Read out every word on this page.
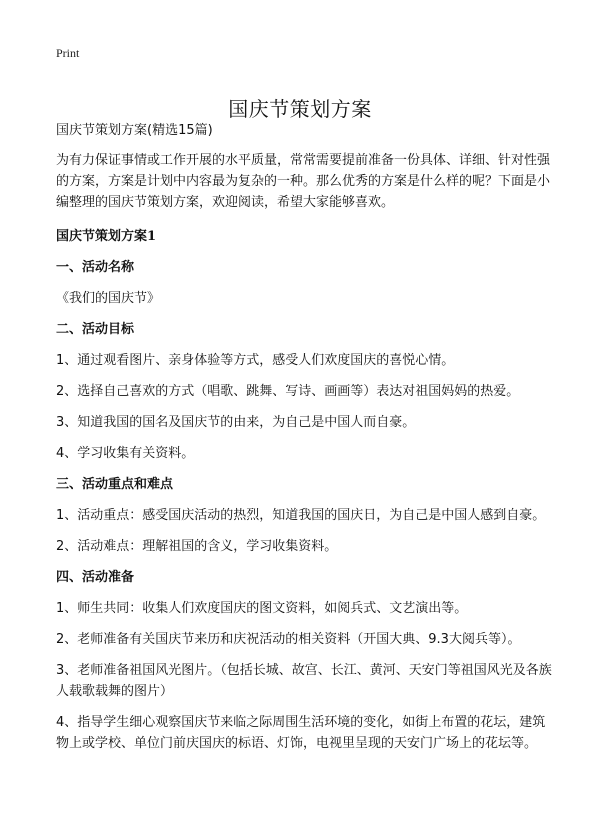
Print
国庆节策划方案

国庆节策划方案(精选15篇)

为有力保证事情或工作开展的水平质量，常常需要提前准备一份具体、详细、针对性强的方案，方案是计划中内容最为复杂的一种。那么优秀的方案是什么样的呢？下面是小编整理的国庆节策划方案，欢迎阅读，希望大家能够喜欢。

国庆节策划方案1

一、活动名称

《我们的国庆节》

二、活动目标

1、通过观看图片、亲身体验等方式，感受人们欢度国庆的喜悦心情。

2、选择自己喜欢的方式（唱歌、跳舞、写诗、画画等）表达对祖国妈妈的热爱。

3、知道我国的国名及国庆节的由来，为自己是中国人而自豪。

4、学习收集有关资料。

三、活动重点和难点

1、活动重点：感受国庆活动的热烈，知道我国的国庆日，为自己是中国人感到自豪。

2、活动难点：理解祖国的含义，学习收集资料。

四、活动准备

1、师生共同：收集人们欢度国庆的图文资料，如阅兵式、文艺演出等。

2、老师准备有关国庆节来历和庆祝活动的相关资料（开国大典、9.3大阅兵等）。

3、老师准备祖国风光图片。（包括长城、故宫、长江、黄河、天安门等祖国风光及各族人载歌载舞的图片）

4、指导学生细心观察国庆节来临之际周围生活环境的变化，如街上布置的花坛，建筑物上或学校、单位门前庆国庆的标语、灯饰，电视里呈现的天安门广场上的花坛等。
